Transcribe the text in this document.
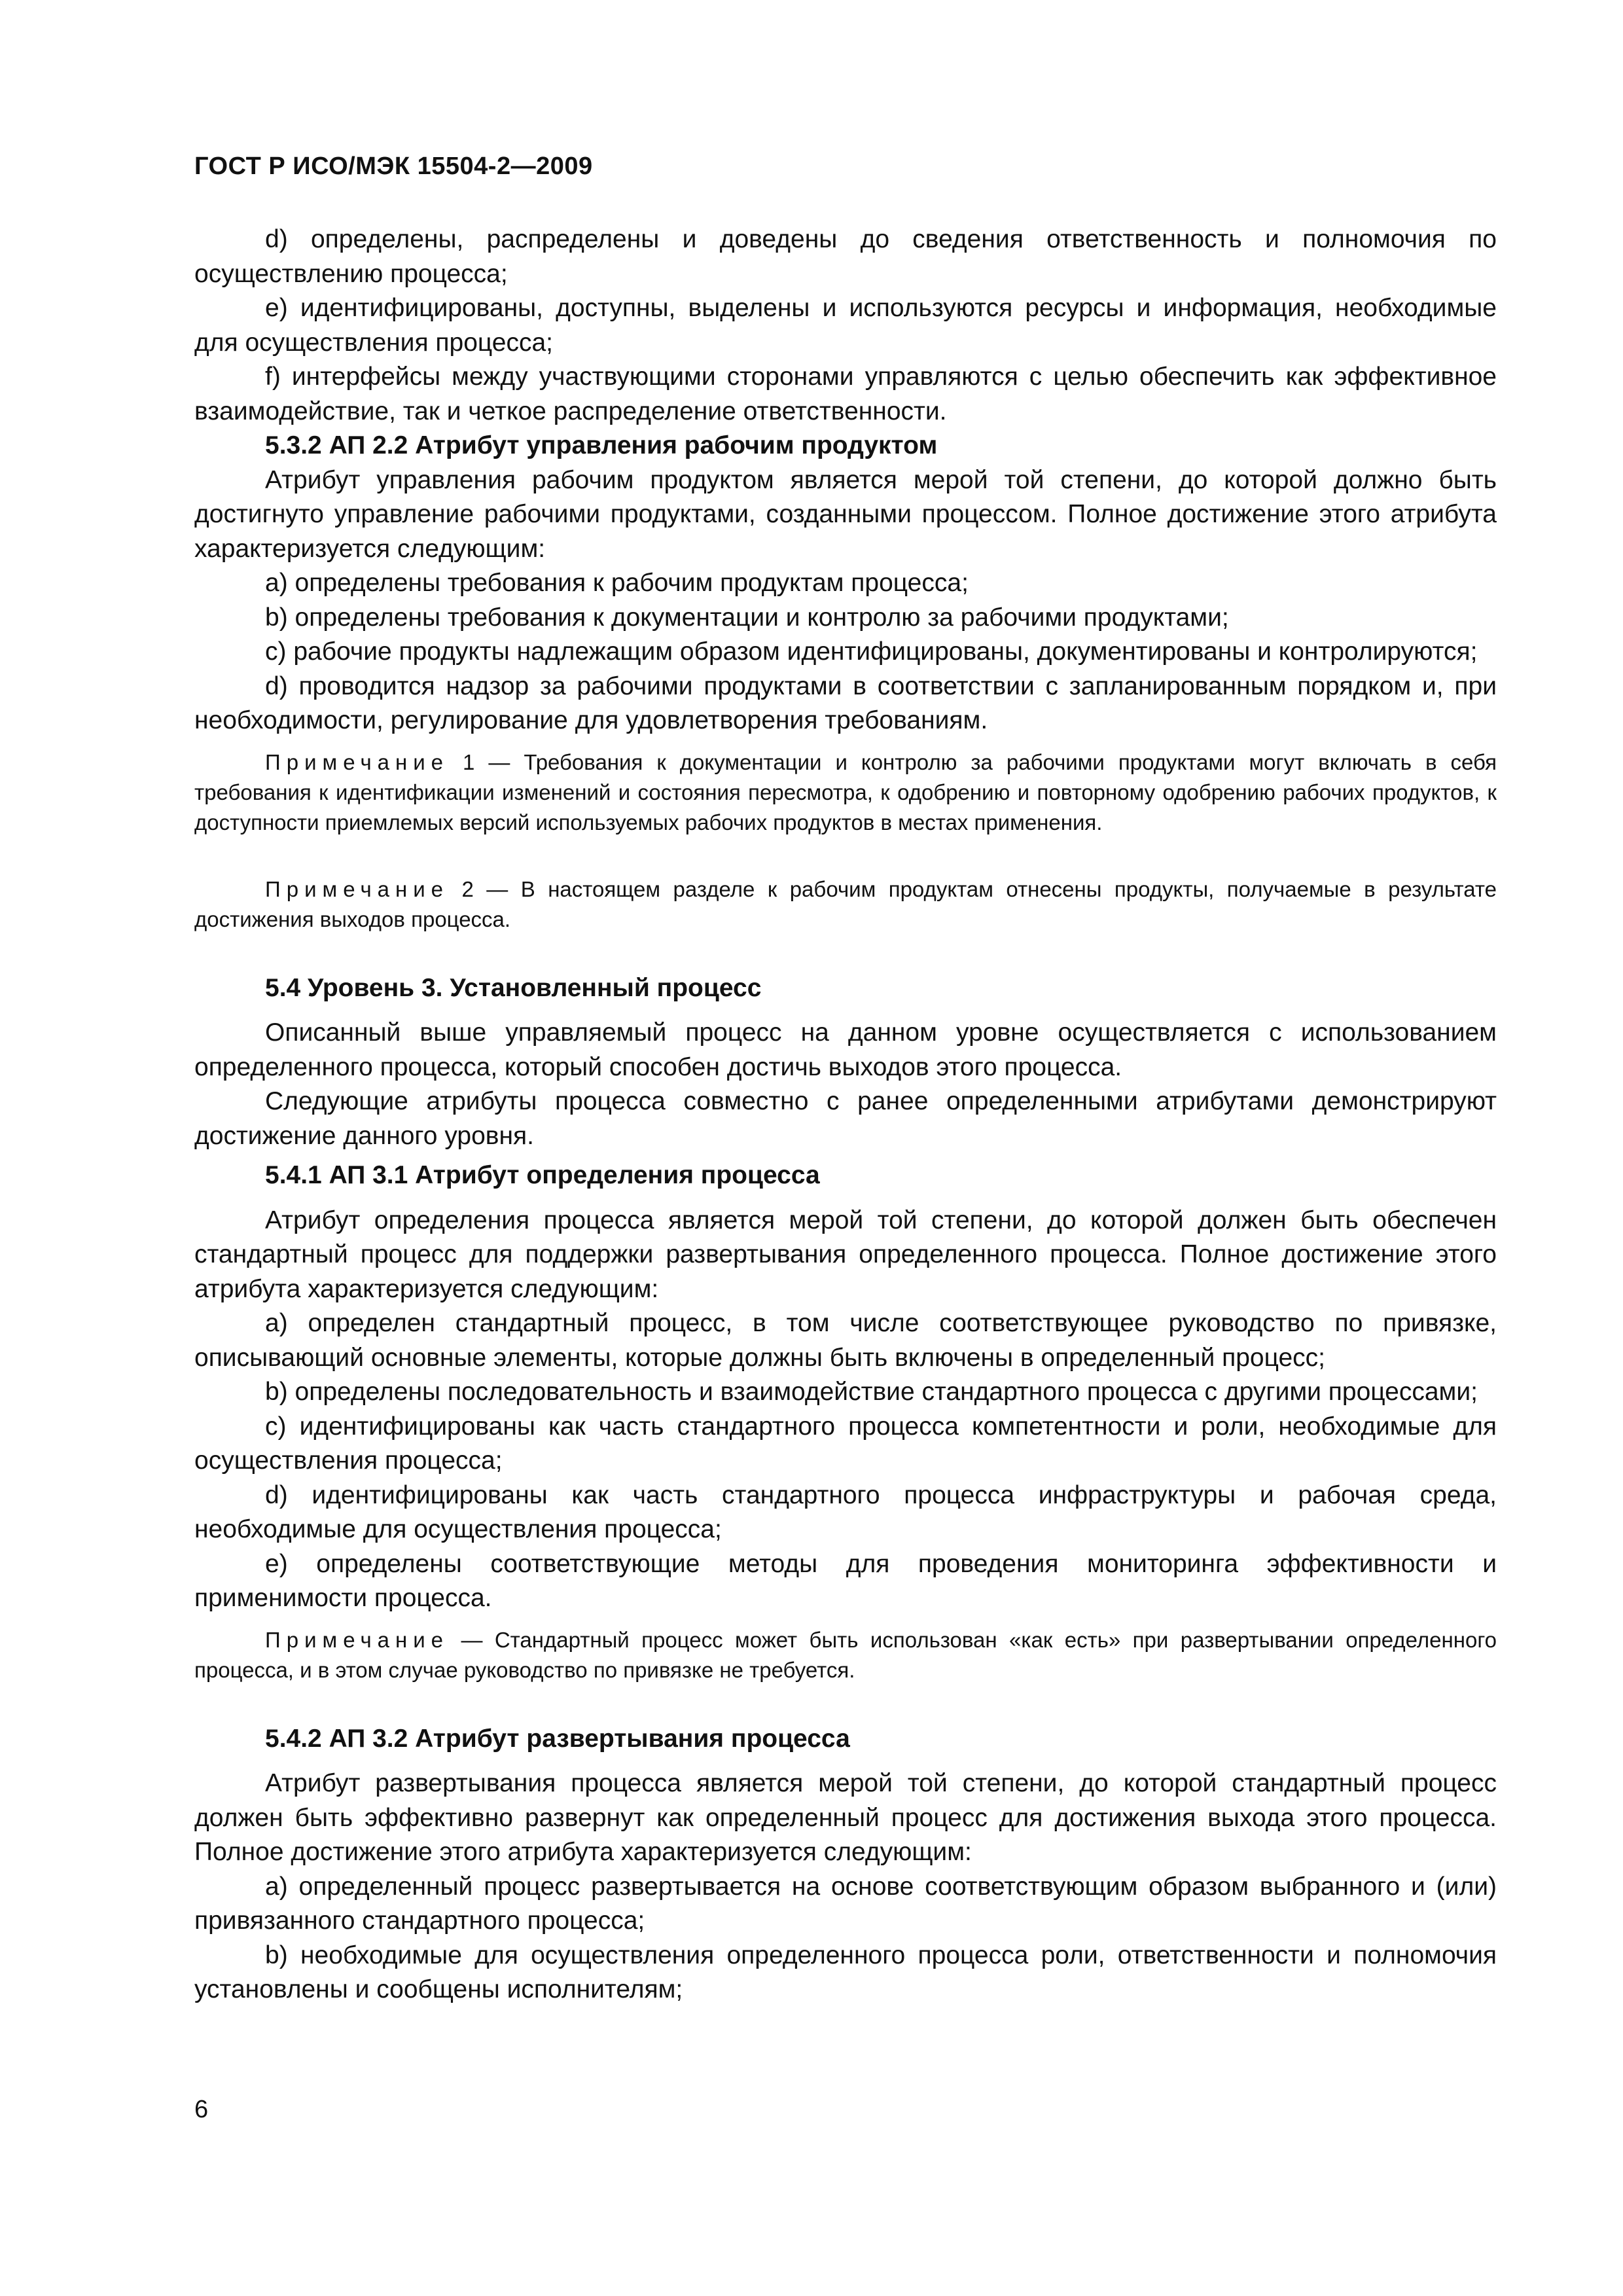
ГОСТ Р ИСО/МЭК 15504-2—2009

d) определены, распределены и доведены до сведения ответственность и полномочия по осуществлению процесса;

e) идентифицированы, доступны, выделены и используются ресурсы и информация, необходимые для осуществления процесса;

f) интерфейсы между участвующими сторонами управляются с целью обеспечить как эффективное взаимодействие, так и четкое распределение ответственности.

5.3.2 АП 2.2 Атрибут управления рабочим продуктом

Атрибут управления рабочим продуктом является мерой той степени, до которой должно быть достигнуто управление рабочими продуктами, созданными процессом. Полное достижение этого атрибута характеризуется следующим:

a) определены требования к рабочим продуктам процесса;

b) определены требования к документации и контролю за рабочими продуктами;

c) рабочие продукты надлежащим образом идентифицированы, документированы и контролируются;

d) проводится надзор за рабочими продуктами в соответствии с запланированным порядком и, при необходимости, регулирование для удовлетворения требованиям.

Примечание 1 — Требования к документации и контролю за рабочими продуктами могут включать в себя требования к идентификации изменений и состояния пересмотра, к одобрению и повторному одобрению рабочих продуктов, к доступности приемлемых версий используемых рабочих продуктов в местах применения.

Примечание 2 — В настоящем разделе к рабочим продуктам отнесены продукты, получаемые в результате достижения выходов процесса.

5.4 Уровень 3. Установленный процесс

Описанный выше управляемый процесс на данном уровне осуществляется с использованием определенного процесса, который способен достичь выходов этого процесса.

Следующие атрибуты процесса совместно с ранее определенными атрибутами демонстрируют достижение данного уровня.

5.4.1 АП 3.1 Атрибут определения процесса

Атрибут определения процесса является мерой той степени, до которой должен быть обеспечен стандартный процесс для поддержки развертывания определенного процесса. Полное достижение этого атрибута характеризуется следующим:

a) определен стандартный процесс, в том числе соответствующее руководство по привязке, описывающий основные элементы, которые должны быть включены в определенный процесс;

b) определены последовательность и взаимодействие стандартного процесса с другими процессами;

c) идентифицированы как часть стандартного процесса компетентности и роли, необходимые для осуществления процесса;

d) идентифицированы как часть стандартного процесса инфраструктуры и рабочая среда, необходимые для осуществления процесса;

e) определены соответствующие методы для проведения мониторинга эффективности и применимости процесса.

Примечание — Стандартный процесс может быть использован «как есть» при развертывании определенного процесса, и в этом случае руководство по привязке не требуется.

5.4.2 АП 3.2 Атрибут развертывания процесса

Атрибут развертывания процесса является мерой той степени, до которой стандартный процесс должен быть эффективно развернут как определенный процесс для достижения выхода этого процесса. Полное достижение этого атрибута характеризуется следующим:

a) определенный процесс развертывается на основе соответствующим образом выбранного и (или) привязанного стандартного процесса;

b) необходимые для осуществления определенного процесса роли, ответственности и полномочия установлены и сообщены исполнителям;

6
